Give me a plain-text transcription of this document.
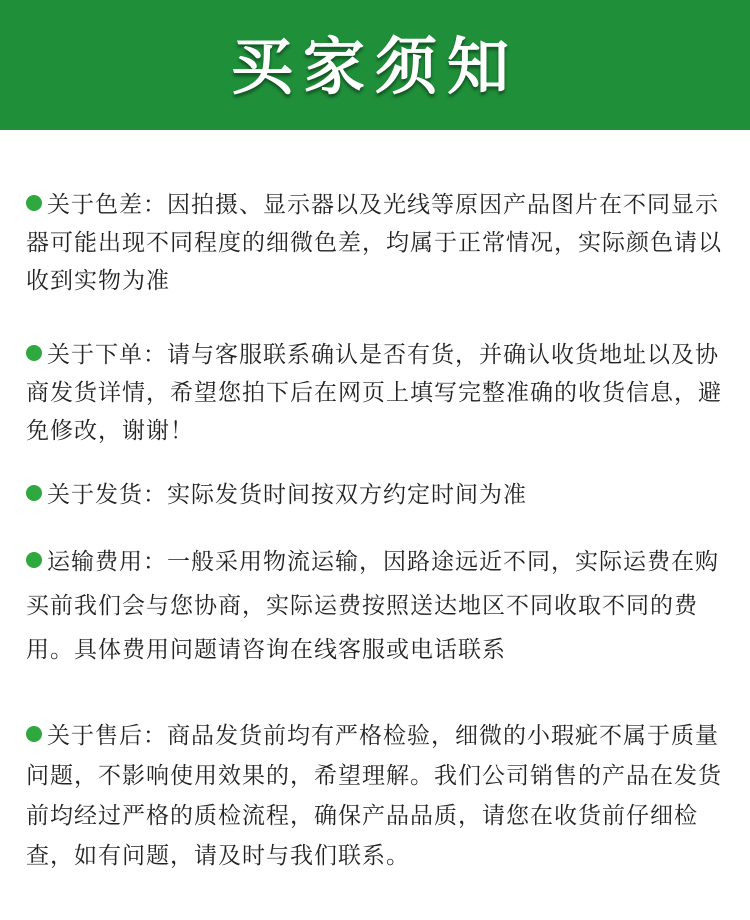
买家须知
关于色差：因拍摄、显示器以及光线等原因产品图片在不同显示器可能出现不同程度的细微色差，均属于正常情况，实际颜色请以收到实物为准
关于下单：请与客服联系确认是否有货，并确认收货地址以及协商发货详情，希望您拍下后在网页上填写完整准确的收货信息，避免修改，谢谢！
关于发货：实际发货时间按双方约定时间为准
运输费用：一般采用物流运输，因路途远近不同，实际运费在购买前我们会与您协商，实际运费按照送达地区不同收取不同的费用。具体费用问题请咨询在线客服或电话联系
关于售后：商品发货前均有严格检验，细微的小瑕疵不属于质量问题，不影响使用效果的，希望理解。我们公司销售的产品在发货前均经过严格的质检流程，确保产品品质，请您在收货前仔细检查，如有问题，请及时与我们联系。
